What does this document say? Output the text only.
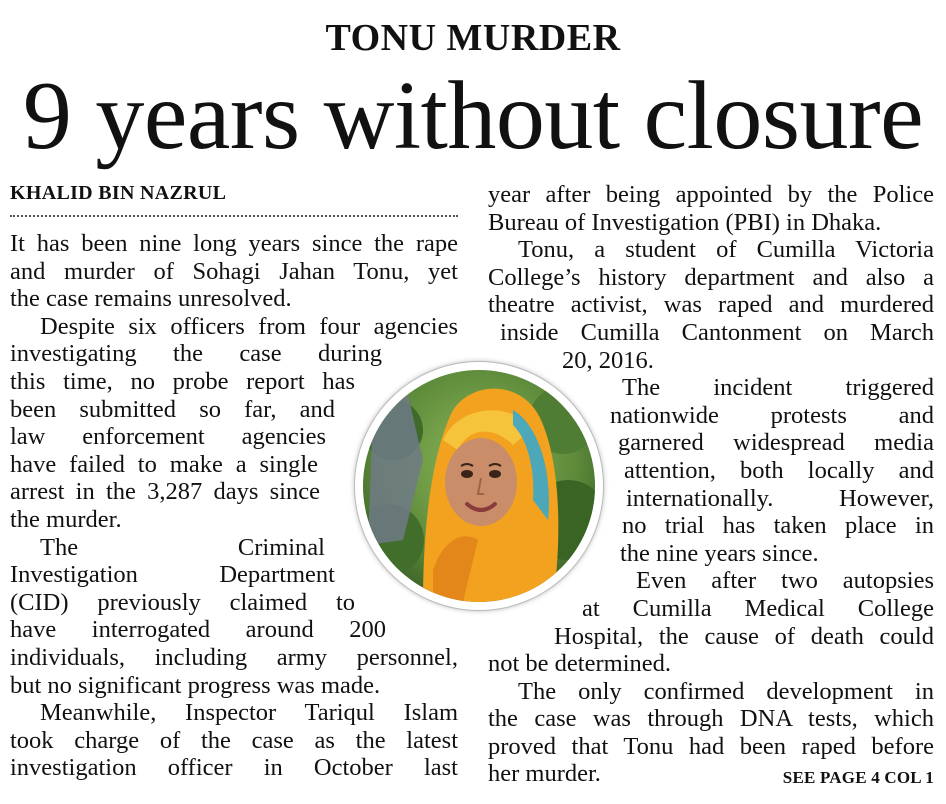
TONU MURDER
9 years without closure
KHALID BIN NAZRUL
It has been nine long years since the rape
and murder of Sohagi Jahan Tonu, yet
the case remains unresolved.
Despite six officers from four agencies
investigating the case during
this time, no probe report has
been submitted so far, and
law enforcement agencies
have failed to make a single
arrest in the 3,287 days since
the murder.
The Criminal
Investigation Department
(CID) previously claimed to
have interrogated around 200
individuals, including army personnel,
but no significant progress was made.
Meanwhile, Inspector Tariqul Islam
took charge of the case as the latest
investigation officer in October last
year after being appointed by the Police
Bureau of Investigation (PBI) in Dhaka.
Tonu, a student of Cumilla Victoria
College’s history department and also a
theatre activist, was raped and murdered
inside Cumilla Cantonment on March
20, 2016.
The incident triggered
nationwide protests and
garnered widespread media
attention, both locally and
internationally. However,
no trial has taken place in
the nine years since.
Even after two autopsies
at Cumilla Medical College
Hospital, the cause of death could
not be determined.
The only confirmed development in
the case was through DNA tests, which
proved that Tonu had been raped before
her murder.	SEE PAGE 4 COL 1
